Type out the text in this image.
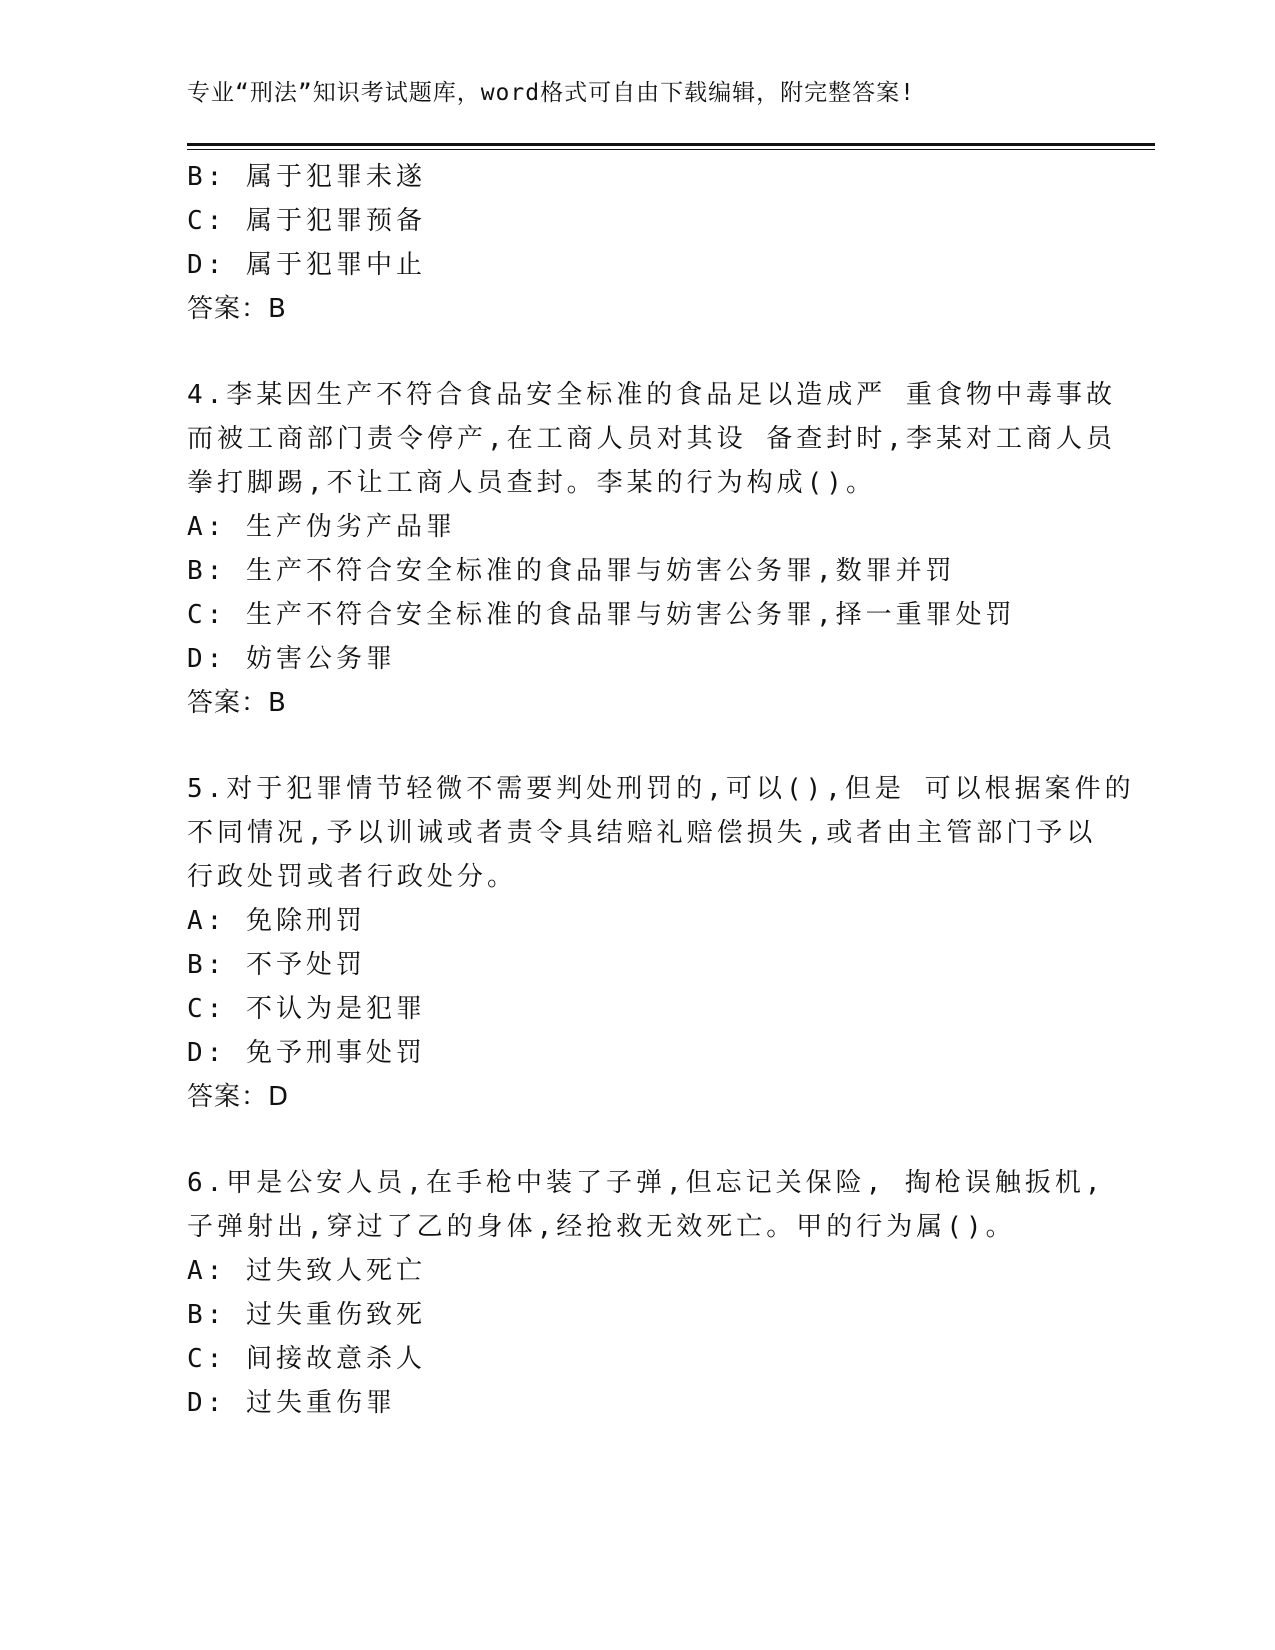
专业“刑法”知识考试题库，word格式可自由下载编辑，附完整答案!
B: 属于犯罪未遂
C: 属于犯罪预备
D: 属于犯罪中止
答案：B
4.李某因生产不符合食品安全标准的食品足以造成严 重食物中毒事故
而被工商部门责令停产,在工商人员对其设 备查封时,李某对工商人员
拳打脚踢,不让工商人员查封。李某的行为构成()。
A: 生产伪劣产品罪
B: 生产不符合安全标准的食品罪与妨害公务罪,数罪并罚
C: 生产不符合安全标准的食品罪与妨害公务罪,择一重罪处罚
D: 妨害公务罪
答案：B
5.对于犯罪情节轻微不需要判处刑罚的,可以(),但是 可以根据案件的
不同情况,予以训诫或者责令具结赔礼赔偿损失,或者由主管部门予以
行政处罚或者行政处分。
A: 免除刑罚
B: 不予处罚
C: 不认为是犯罪
D: 免予刑事处罚
答案：D
6.甲是公安人员,在手枪中装了子弹,但忘记关保险, 掏枪误触扳机,
子弹射出,穿过了乙的身体,经抢救无效死亡。甲的行为属()。
A: 过失致人死亡
B: 过失重伤致死
C: 间接故意杀人
D: 过失重伤罪
